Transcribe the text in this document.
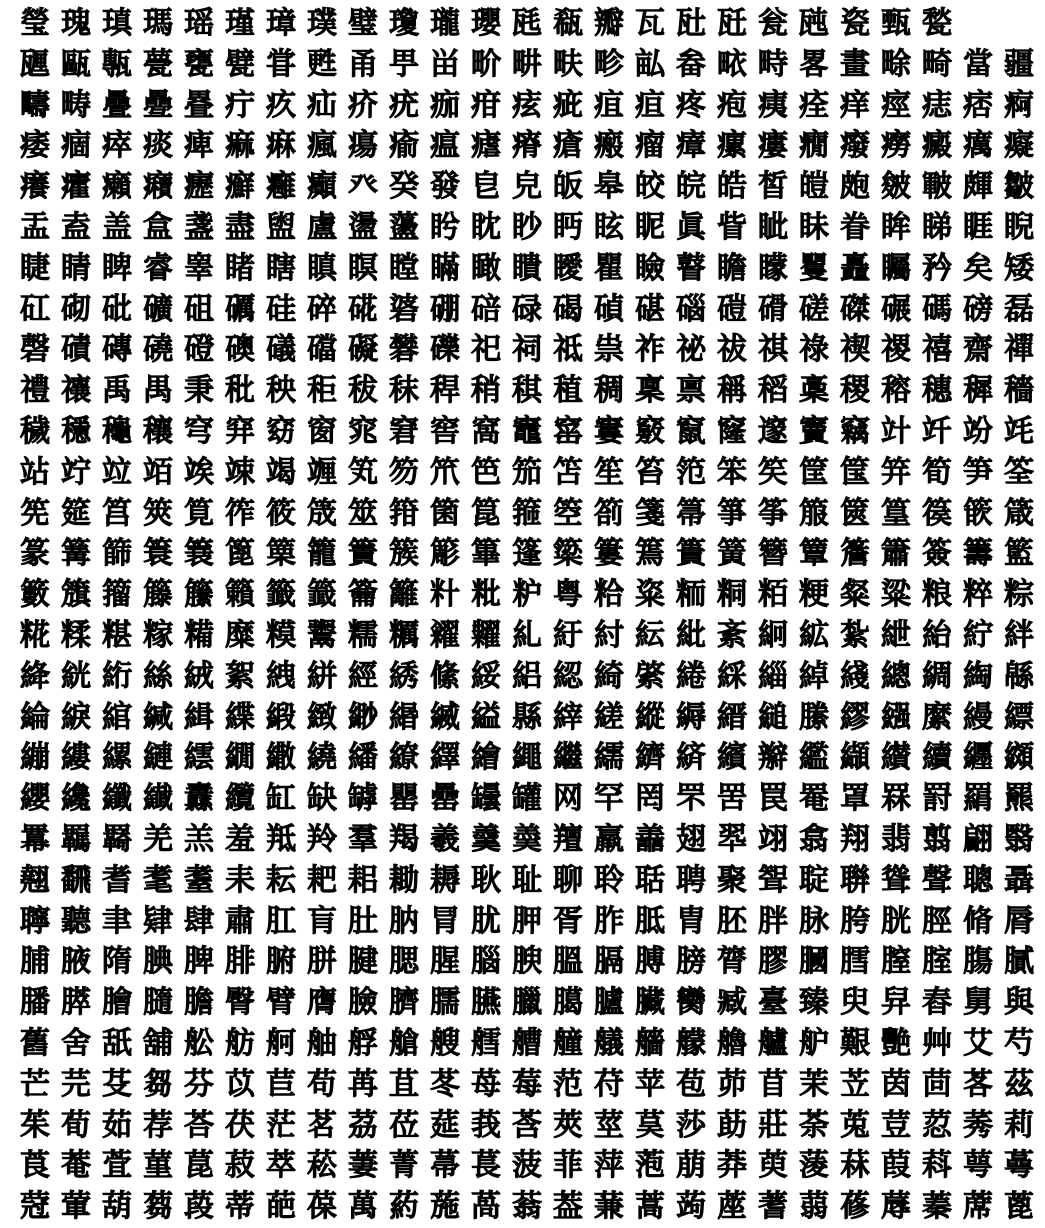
瑩瑰瑱瑪瑶瑾璋璞璧瓊瓏瓔瓱瓻瓣瓦瓧瓩瓮瓲瓷甄甃
甅甌甎甍甕甓甞甦甬甼畄畍畊畉畛畆畚畩畤畧畫畭畸當疆
疇畴疊疉疂疔疚疝疥疣痂疳痃疵疽疸疼疱痍痊痒痙痣痞痾
痿痼瘁痰痺痲痳瘋瘍瘉瘟瘧瘠瘡瘢瘤瘴瘰瘻癇癈癆癜癘癡
癢癨癩癪癧癬癰癲癶癸發皀皃皈皋皎皖皓皙皚皰皴皸皹皺
盂盍盖盒盞盡盥盧盪蘯盻眈眇眄眩眤眞眥眦眛眷眸睇睚睨
睫睛睥睿睾睹瞎瞋瞑瞠瞞瞰瞶瞹瞿瞼瞽瞻矇矍矗矚矜矣矮
矼砌砒礦砠礪硅碎硴碆硼碚碌碣碵碪碯磑磆磋磔碾碼磅磊
磬磧磚磽磴礇礒礑礙礬礫祀祠祗祟祚祕祓祺祿禊禝禧齋禪
禮禳禹禺秉秕秧秬秡秣稈稍稘稙稠稟禀稱稻稾稷穃穗穉穡
穢穩龝穰穹穽窈窗窕窘窖窩竈窰窶竅竄窿邃竇竊竍竏竕竓
站竚竝竡竢竦竭竰笂笏笊笆笳笘笙笞笵笨笶筐筺笄筍笋筌
筅筵筥筴筧筰筱筬筮箝箘箟箍箜箚箋箒箏筝箙篋篁篌篏箴
篆篝篩簑簔篦篥籠簀簇簓篳篷簗簍篶簣簧簪簟簷簫簽籌籃
籔籏籀籐籘籟籤籖籥籬籵粃粐粤粭粢粫粡粨粳粲粱粮粹粽
糀糅糂糘糒糜糢鬻糯糲糴糶糺紆紂紜紕紊絅絋紮紲紿紵絆
絳絖絎絲絨絮絏絣經綉絛綏絽綛綺綮綣綵緇綽綫總綢綯緜
綸綟綰緘緝緤緞緻緲緡縅縊縣縡縒縱縟縉縋縢繆繦縻縵縹
繃縷縲縺繧繝繖繞繙繚繹繪繩繼繻纃緕繽辮繿纈纉續纒纐
纓纔纖纎纛纜缸缺罅罌罍罎罐网罕罔罘罟罠罨罩罧罸羂羆
羃羈羇羌羔羞羝羚羣羯羲羹羮羶羸譱翅翆翊翕翔翡翦翩翳
翹飜耆耄耋耒耘耙耜耡耨耿耻聊聆聒聘聚聟聢聨聳聲聰聶
聹聽聿肄肆肅肛肓肚肭冐肬胛胥胙胝胄胚胖脉胯胱脛脩脣
脯腋隋腆脾腓腑胼腱腮腥腦腴膃膈膊膀膂膠膕膤膣腟膓膩
膰膵膾膸膽臀臂膺臉臍臑臙臘臈臚臟臠臧臺臻臾舁舂舅與
舊舍舐舖舩舫舸舳艀艙艘艝艚艟艤艢艨艪艫舮艱艷艸艾芍
芒芫芟芻芬苡苣苟苒苴苳苺莓范苻苹苞茆苜茉苙茵茴茖茲
茱荀茹荐荅茯茫茗茘莅莚莪莟莢莖茣莎莇莊荼莵荳荵莠莉
莨菴萓菫菎菽萃菘萋菁菷萇菠菲萍萢萠莽萸蔆菻葭萪萼蕚
蒄葷葫蒭葮蒂葩葆萬葯葹萵蓊葢蒹蒿蒟蓙蓍蒻蓚蓐蓁蓆蓖
